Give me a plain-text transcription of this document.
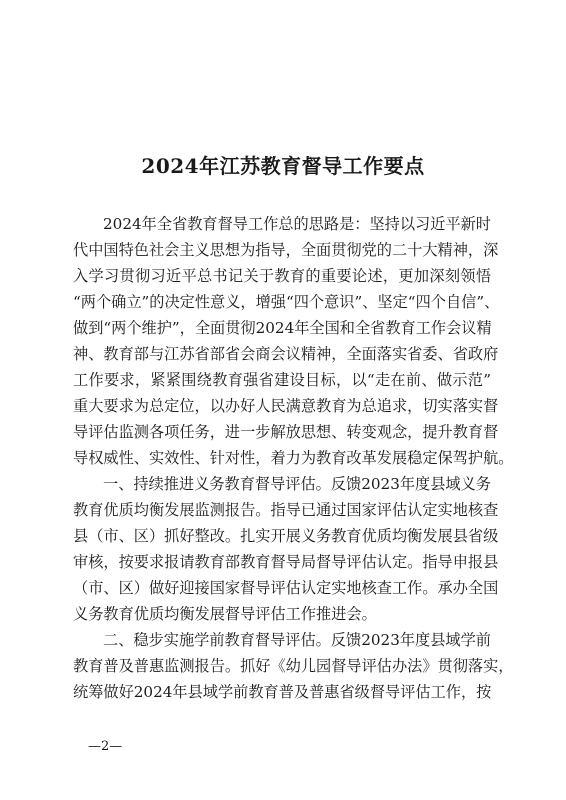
2024年江苏教育督导工作要点
2024年全省教育督导工作总的思路是：坚持以习近平新时
代中国特色社会主义思想为指导，全面贯彻党的二十大精神，深
入学习贯彻习近平总书记关于教育的重要论述，更加深刻领悟
“两个确立”的决定性意义，增强“四个意识”、坚定“四个自信”、
做到“两个维护”，全面贯彻2024年全国和全省教育工作会议精
神、教育部与江苏省部省会商会议精神，全面落实省委、省政府
工作要求，紧紧围绕教育强省建设目标，以“走在前、做示范”
重大要求为总定位，以办好人民满意教育为总追求，切实落实督
导评估监测各项任务，进一步解放思想、转变观念，提升教育督
导权威性、实效性、针对性，着力为教育改革发展稳定保驾护航。
一、持续推进义务教育督导评估。反馈2023年度县域义务
教育优质均衡发展监测报告。指导已通过国家评估认定实地核查
县（市、区）抓好整改。扎实开展义务教育优质均衡发展县省级
审核，按要求报请教育部教育督导局督导评估认定。指导申报县
（市、区）做好迎接国家督导评估认定实地核查工作。承办全国
义务教育优质均衡发展督导评估工作推进会。
二、稳步实施学前教育督导评估。反馈2023年度县域学前
教育普及普惠监测报告。抓好《幼儿园督导评估办法》贯彻落实，
统筹做好2024年县域学前教育普及普惠省级督导评估工作，按
—2—
